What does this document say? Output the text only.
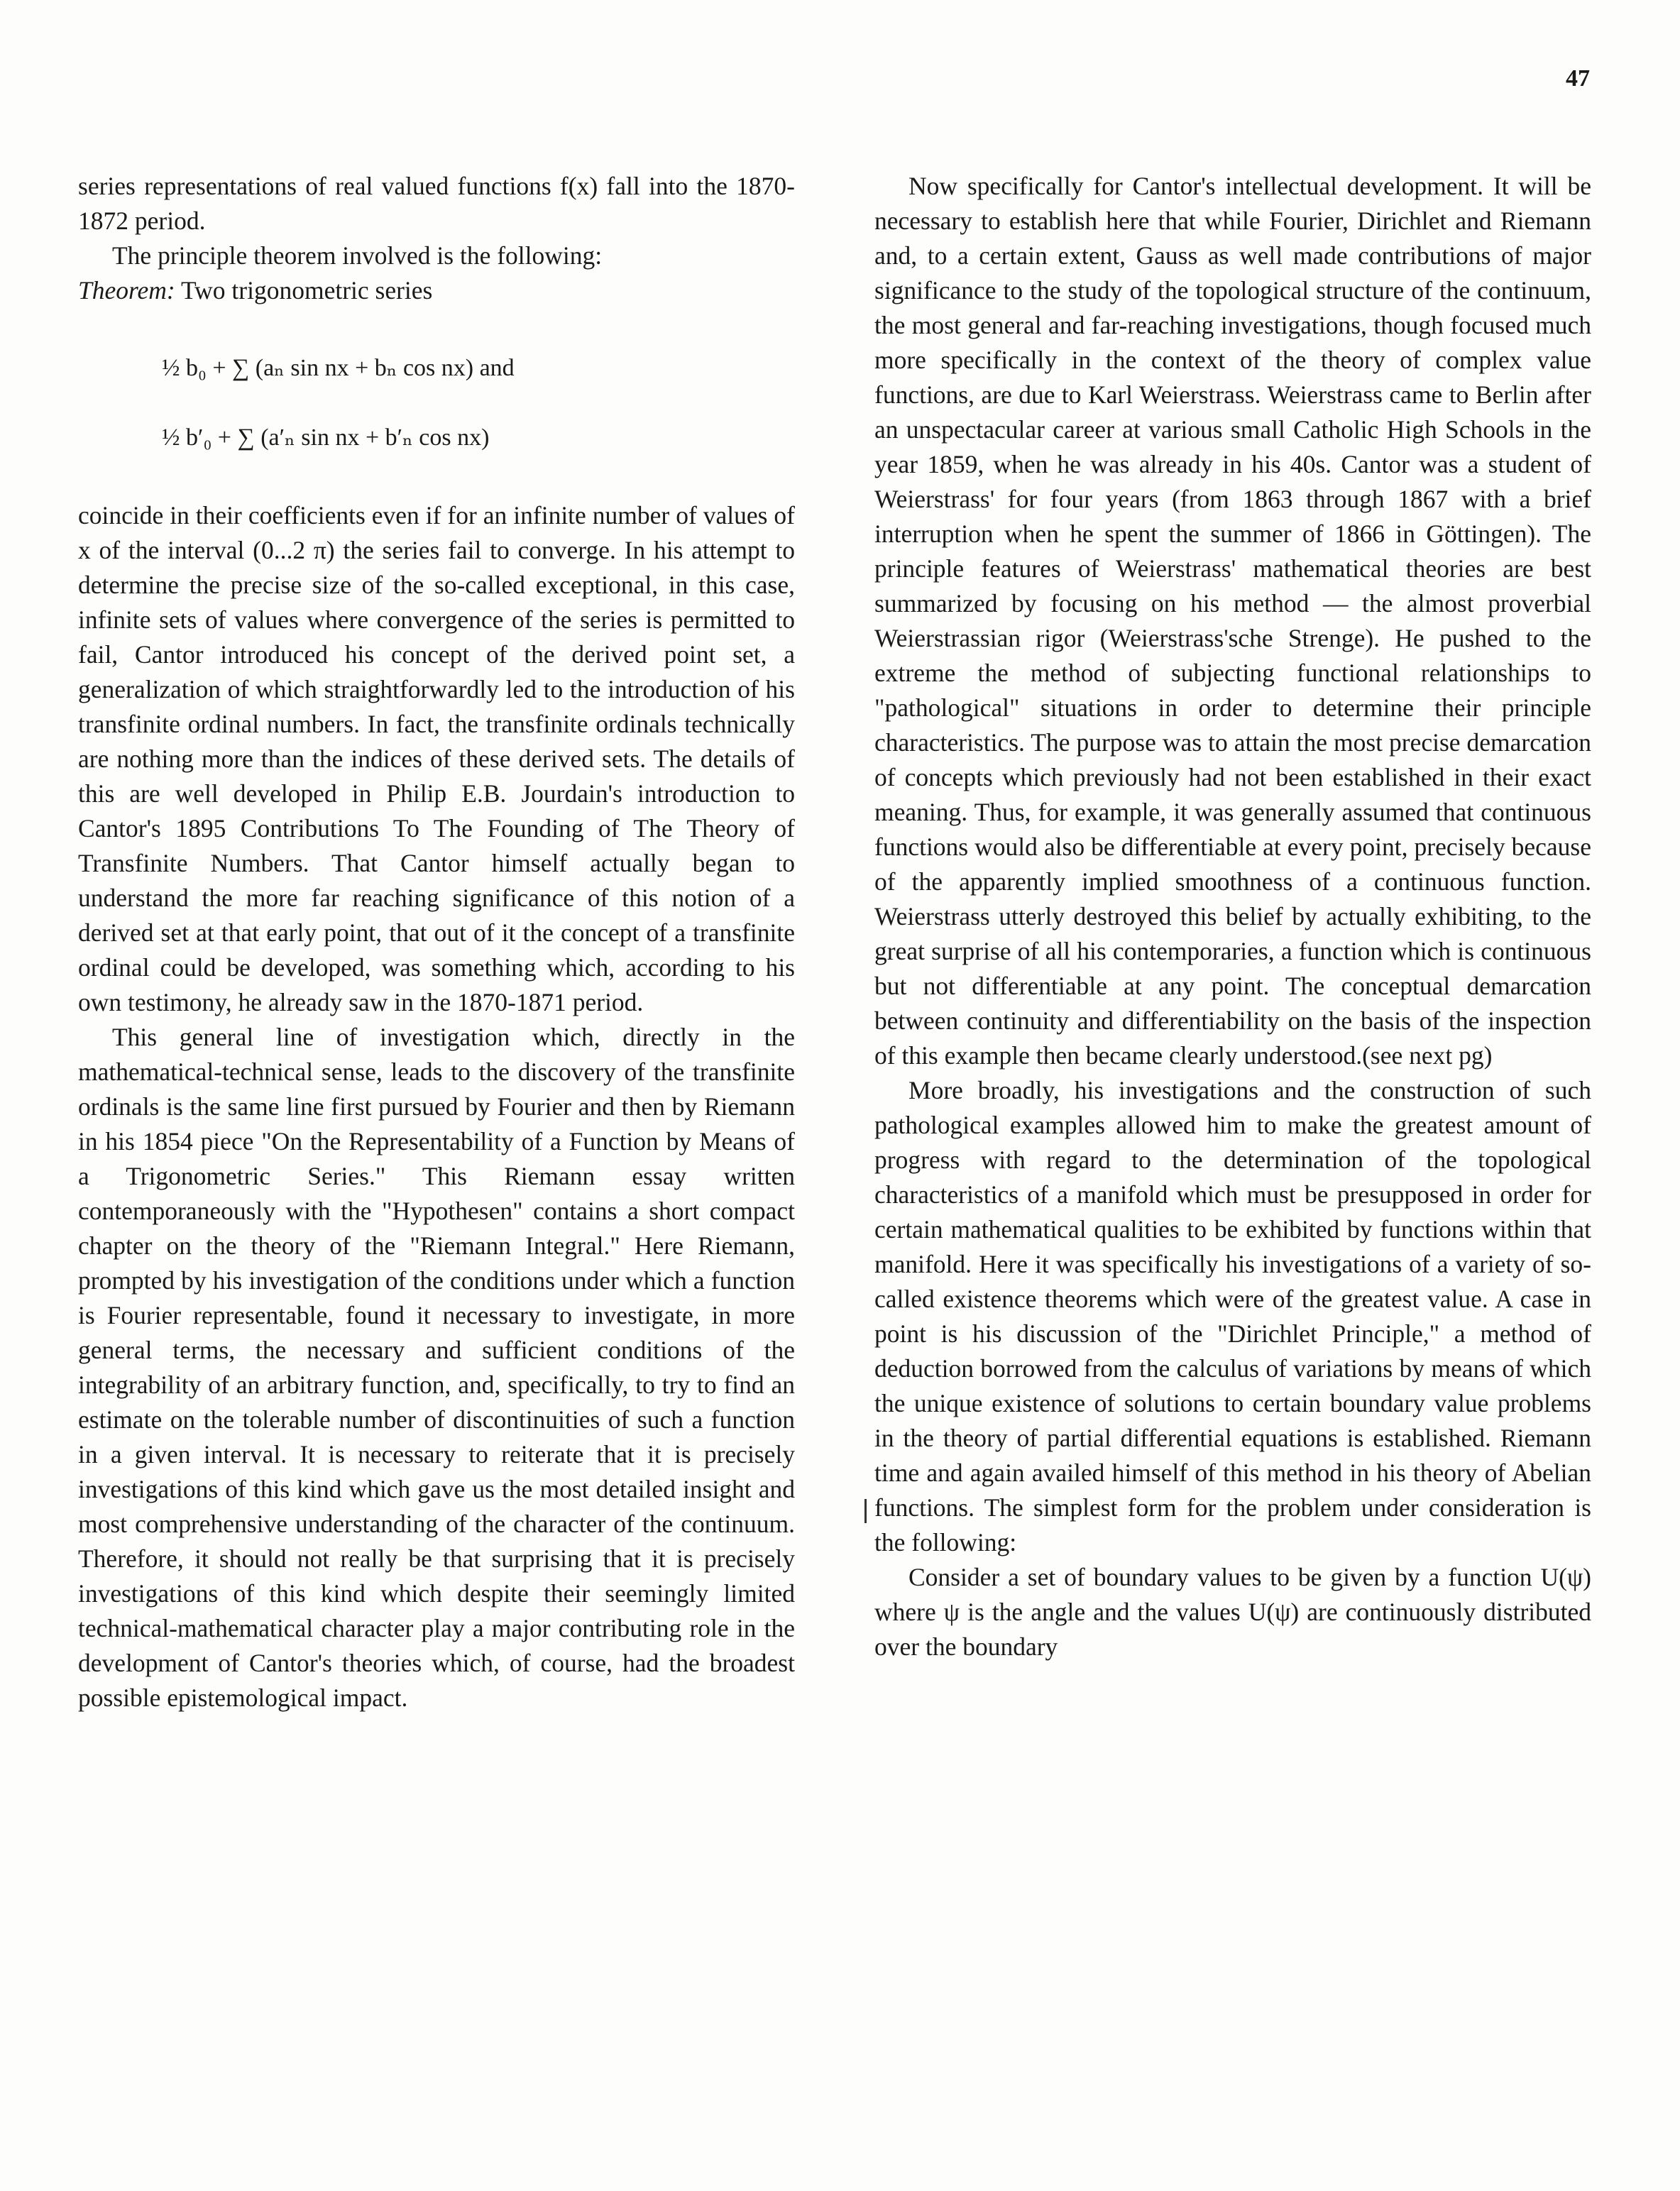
47

series representations of real valued functions f(x) fall into the 1870-1872 period.

The principle theorem involved is the following:

Theorem: Two trigonometric series

½ b₀ + ∑ (aₙ sin nx + bₙ cos nx) and
½ b′₀ + ∑ (a′ₙ sin nx + b′ₙ cos nx)

coincide in their coefficients even if for an infinite number of values of x of the interval (0...2 π) the series fail to converge. In his attempt to determine the precise size of the so-called exceptional, in this case, infinite sets of values where convergence of the series is permitted to fail, Cantor introduced his concept of the derived point set, a generalization of which straightforwardly led to the introduction of his transfinite ordinal numbers. In fact, the transfinite ordinals technically are nothing more than the indices of these derived sets. The details of this are well developed in Philip E.B. Jourdain's introduction to Cantor's 1895 Contributions To The Founding of The Theory of Transfinite Numbers. That Cantor himself actually began to understand the more far reaching significance of this notion of a derived set at that early point, that out of it the concept of a transfinite ordinal could be developed, was something which, according to his own testimony, he already saw in the 1870-1871 period.

This general line of investigation which, directly in the mathematical-technical sense, leads to the discovery of the transfinite ordinals is the same line first pursued by Fourier and then by Riemann in his 1854 piece "On the Representability of a Function by Means of a Trigonometric Series." This Riemann essay written contemporaneously with the "Hypothesen" contains a short compact chapter on the theory of the "Riemann Integral." Here Riemann, prompted by his investigation of the conditions under which a function is Fourier representable, found it necessary to investigate, in more general terms, the necessary and sufficient conditions of the integrability of an arbitrary function, and, specifically, to try to find an estimate on the tolerable number of discontinuities of such a function in a given interval. It is necessary to reiterate that it is precisely investigations of this kind which gave us the most detailed insight and most comprehensive understanding of the character of the continuum. Therefore, it should not really be that surprising that it is precisely investigations of this kind which despite their seemingly limited technical-mathematical character play a major contributing role in the development of Cantor's theories which, of course, had the broadest possible epistemological impact.

Now specifically for Cantor's intellectual development. It will be necessary to establish here that while Fourier, Dirichlet and Riemann and, to a certain extent, Gauss as well made contributions of major significance to the study of the topological structure of the continuum, the most general and far-reaching investigations, though focused much more specifically in the context of the theory of complex value functions, are due to Karl Weierstrass. Weierstrass came to Berlin after an unspectacular career at various small Catholic High Schools in the year 1859, when he was already in his 40s. Cantor was a student of Weierstrass' for four years (from 1863 through 1867 with a brief interruption when he spent the summer of 1866 in Göttingen). The principle features of Weierstrass' mathematical theories are best summarized by focusing on his method — the almost proverbial Weierstrassian rigor (Weierstrass'sche Strenge). He pushed to the extreme the method of subjecting functional relationships to "pathological" situations in order to determine their principle characteristics. The purpose was to attain the most precise demarcation of concepts which previously had not been established in their exact meaning. Thus, for example, it was generally assumed that continuous functions would also be differentiable at every point, precisely because of the apparently implied smoothness of a continuous function. Weierstrass utterly destroyed this belief by actually exhibiting, to the great surprise of all his contemporaries, a function which is continuous but not differentiable at any point. The conceptual demarcation between continuity and differentiability on the basis of the inspection of this example then became clearly understood.(see next pg)

More broadly, his investigations and the construction of such pathological examples allowed him to make the greatest amount of progress with regard to the determination of the topological characteristics of a manifold which must be presupposed in order for certain mathematical qualities to be exhibited by functions within that manifold. Here it was specifically his investigations of a variety of so-called existence theorems which were of the greatest value. A case in point is his discussion of the "Dirichlet Principle," a method of deduction borrowed from the calculus of variations by means of which the unique existence of solutions to certain boundary value problems in the theory of partial differential equations is established. Riemann time and again availed himself of this method in his theory of Abelian functions. The simplest form for the problem under consideration is the following:

Consider a set of boundary values to be given by a function U(ψ) where ψ is the angle and the values U(ψ) are continuously distributed over the boundary
